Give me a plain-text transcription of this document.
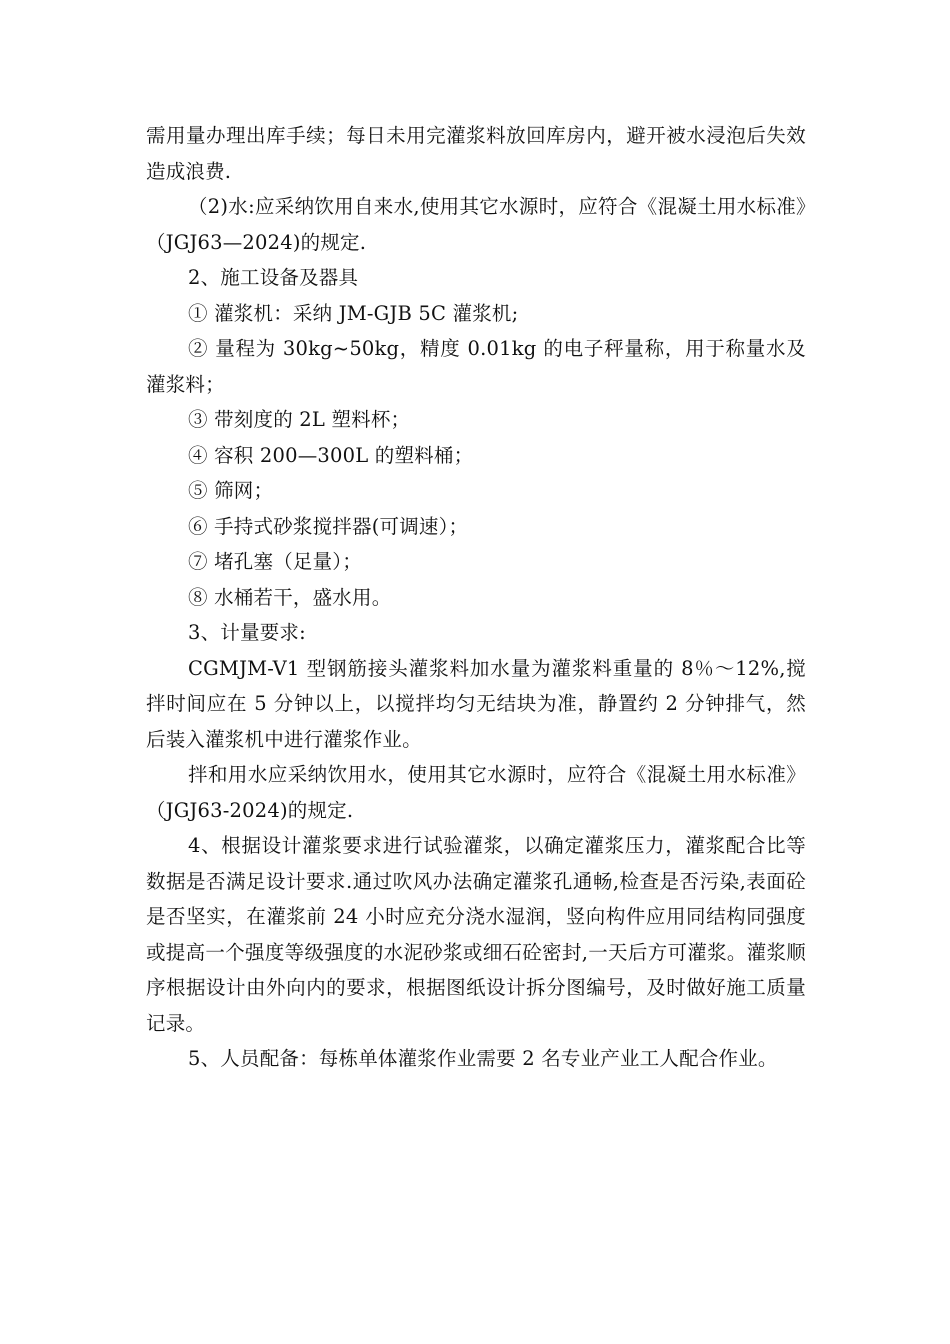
需用量办理出库手续；每日未用完灌浆料放回库房内，避开被水浸泡后失效造成浪费.

（2)水:应采纳饮用自来水,使用其它水源时，应符合《混凝土用水标准》（JGJ63—2024)的规定.

2、施工设备及器具

① 灌浆机：采纳 JM-GJB 5C 灌浆机;

② 量程为 30kg~50kg，精度 0.01kg 的电子秤量称，用于称量水及灌浆料；

③ 带刻度的 2L 塑料杯；

④ 容积 200—300L 的塑料桶；

⑤ 筛网；

⑥ 手持式砂浆搅拌器(可调速）；

⑦ 堵孔塞（足量）；

⑧ 水桶若干，盛水用。

3、计量要求:

CGMJM-V1 型钢筋接头灌浆料加水量为灌浆料重量的 8％～12%,搅拌时间应在 5 分钟以上，以搅拌均匀无结块为准，静置约 2 分钟排气，然后装入灌浆机中进行灌浆作业。

拌和用水应采纳饮用水，使用其它水源时，应符合《混凝土用水标准》（JGJ63-2024)的规定.

4、根据设计灌浆要求进行试验灌浆，以确定灌浆压力，灌浆配合比等数据是否满足设计要求.通过吹风办法确定灌浆孔通畅,检查是否污染,表面砼是否坚实，在灌浆前 24 小时应充分浇水湿润，竖向构件应用同结构同强度或提高一个强度等级强度的水泥砂浆或细石砼密封,一天后方可灌浆。灌浆顺序根据设计由外向内的要求，根据图纸设计拆分图编号，及时做好施工质量记录。

5、人员配备：每栋单体灌浆作业需要 2 名专业产业工人配合作业。
